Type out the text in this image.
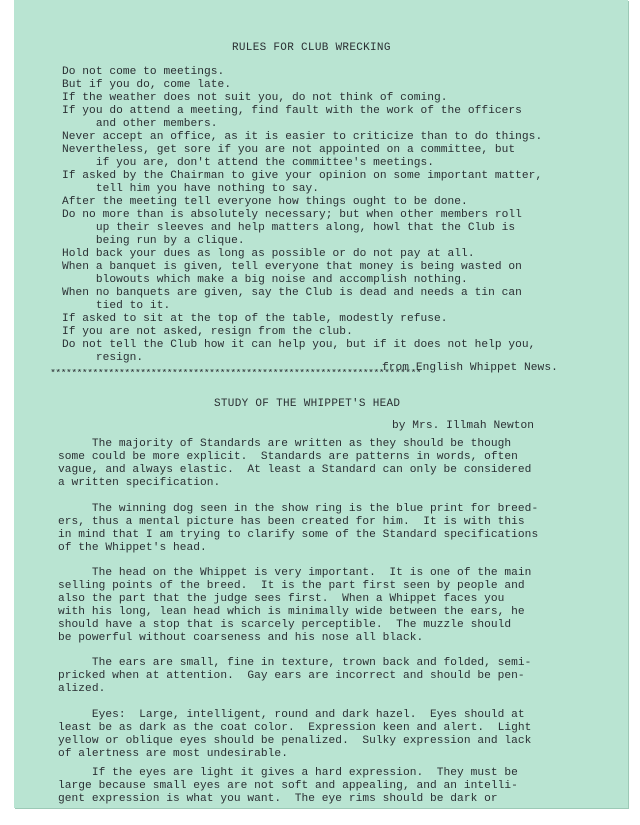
RULES FOR CLUB WRECKING
Do not come to meetings.
But if you do, come late.
If the weather does not suit you, do not think of coming.
If you do attend a meeting, find fault with the work of the officers
and other members.
Never accept an office, as it is easier to criticize than to do things.
Nevertheless, get sore if you are not appointed on a committee, but
if you are, don't attend the committee's meetings.
If asked by the Chairman to give your opinion on some important matter,
tell him you have nothing to say.
After the meeting tell everyone how things ought to be done.
Do no more than is absolutely necessary; but when other members roll
up their sleeves and help matters along, howl that the Club is
being run by a clique.
Hold back your dues as long as possible or do not pay at all.
When a banquet is given, tell everyone that money is being wasted on
blowouts which make a big noise and accomplish nothing.
When no banquets are given, say the Club is dead and needs a tin can
tied to it.
If asked to sit at the top of the table, modestly refuse.
If you are not asked, resign from the club.
Do not tell the Club how it can help you, but if it does not help you,
resign.
from English Whippet News.
**********************************************************************
STUDY OF THE WHIPPET'S HEAD
by Mrs. Illmah Newton
The majority of Standards are written as they should be though
some could be more explicit.  Standards are patterns in words, often
vague, and always elastic.  At least a Standard can only be considered
a written specification.
The winning dog seen in the show ring is the blue print for breed-
ers, thus a mental picture has been created for him.  It is with this
in mind that I am trying to clarify some of the Standard specifications
of the Whippet's head.
The head on the Whippet is very important.  It is one of the main
selling points of the breed.  It is the part first seen by people and
also the part that the judge sees first.  When a Whippet faces you
with his long, lean head which is minimally wide between the ears, he
should have a stop that is scarcely perceptible.  The muzzle should
be powerful without coarseness and his nose all black.
The ears are small, fine in texture, trown back and folded, semi-
pricked when at attention.  Gay ears are incorrect and should be pen-
alized.
Eyes:  Large, intelligent, round and dark hazel.  Eyes should at
least be as dark as the coat color.  Expression keen and alert.  Light
yellow or oblique eyes should be penalized.  Sulky expression and lack
of alertness are most undesirable.
If the eyes are light it gives a hard expression.  They must be
large because small eyes are not soft and appealing, and an intelli-
gent expression is what you want.  The eye rims should be dark or
